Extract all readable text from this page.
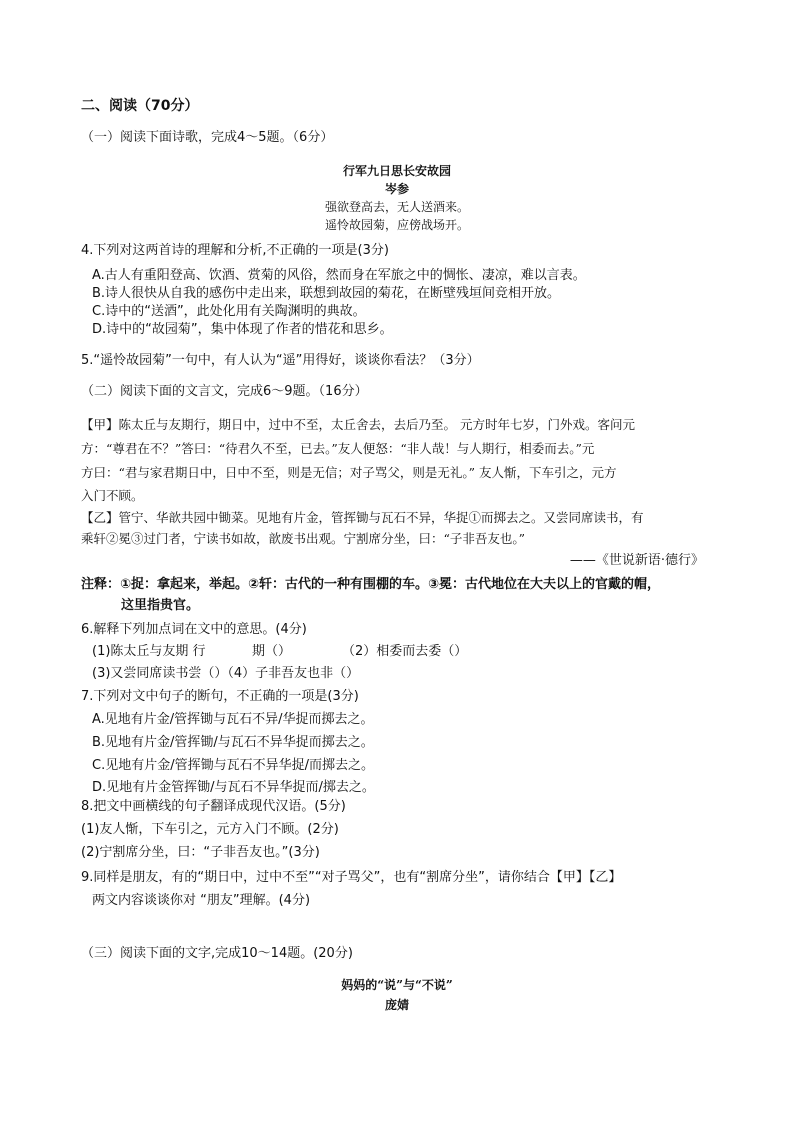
二、阅读（70分）
（一）阅读下面诗歌，完成4～5题。（6分）
行军九日思长安故园
岑参
强欲登高去，无人送酒来。
遥怜故园菊，应傍战场开。
4.下列对这两首诗的理解和分析,不正确的一项是(3分)
A.古人有重阳登高、饮酒、赏菊的风俗，然而身在军旅之中的惆怅、凄凉，难以言表。
B.诗人很快从自我的感伤中走出来，联想到故园的菊花，在断壁残垣间竞相开放。
C.诗中的“送酒”，此处化用有关陶渊明的典故。
D.诗中的“故园菊”，集中体现了作者的惜花和思乡。
5.“遥怜故园菊”一句中，有人认为“遥”用得好，谈谈你看法？（3分）
（二）阅读下面的文言文，完成6～9题。（16分）
【甲】陈太丘与友期行，期日中，过中不至，太丘舍去，去后乃至。 元方时年七岁，门外戏。客问元
方：“尊君在不？”答曰：“待君久不至，已去。”友人便怒：“非人哉！与人期行，相委而去。”元
方曰：“君与家君期日中，日中不至，则是无信；对子骂父，则是无礼。” 友人惭，下车引之，元方
入门不顾。
【乙】管宁、华歆共园中锄菜。见地有片金，管挥锄与瓦石不异，华捉①而掷去之。又尝同席读书，有
乘轩②冕③过门者，宁读书如故，歆废书出观。宁割席分坐，曰：“子非吾友也。”
——《世说新语·德行》
注释：①捉：拿起来，举起。②轩：古代的一种有围棚的车。③冕：古代地位在大夫以上的官戴的帽，
这里指贵官。
6.解释下列加点词在文中的意思。(4分)
(1)陈太丘与友期 行	期（）	（2）相委而去委（）
(3)又尝同席读书尝（）（4）子非吾友也非（）
7.下列对文中句子的断句，不正确的一项是(3分)
A.见地有片金/管挥锄与瓦石不异/华捉而掷去之。
B.见地有片金/管挥锄/与瓦石不异华捉而掷去之。
C.见地有片金/管挥锄与瓦石不异华捉/而掷去之。
D.见地有片金管挥锄/与瓦石不异华捉而/掷去之。
8.把文中画横线的句子翻译成现代汉语。(5分)
(1)友人惭，下车引之，元方入门不顾。(2分)
(2)宁割席分坐，曰：“子非吾友也。”(3分)
9.同样是朋友，有的“期日中，过中不至”“对子骂父”，也有“割席分坐”，请你结合【甲】【乙】
两文内容谈谈你对 “朋友”理解。(4分)
（三）阅读下面的文字,完成10～14题。(20分)
妈妈的“说”与“不说”
庞婧
